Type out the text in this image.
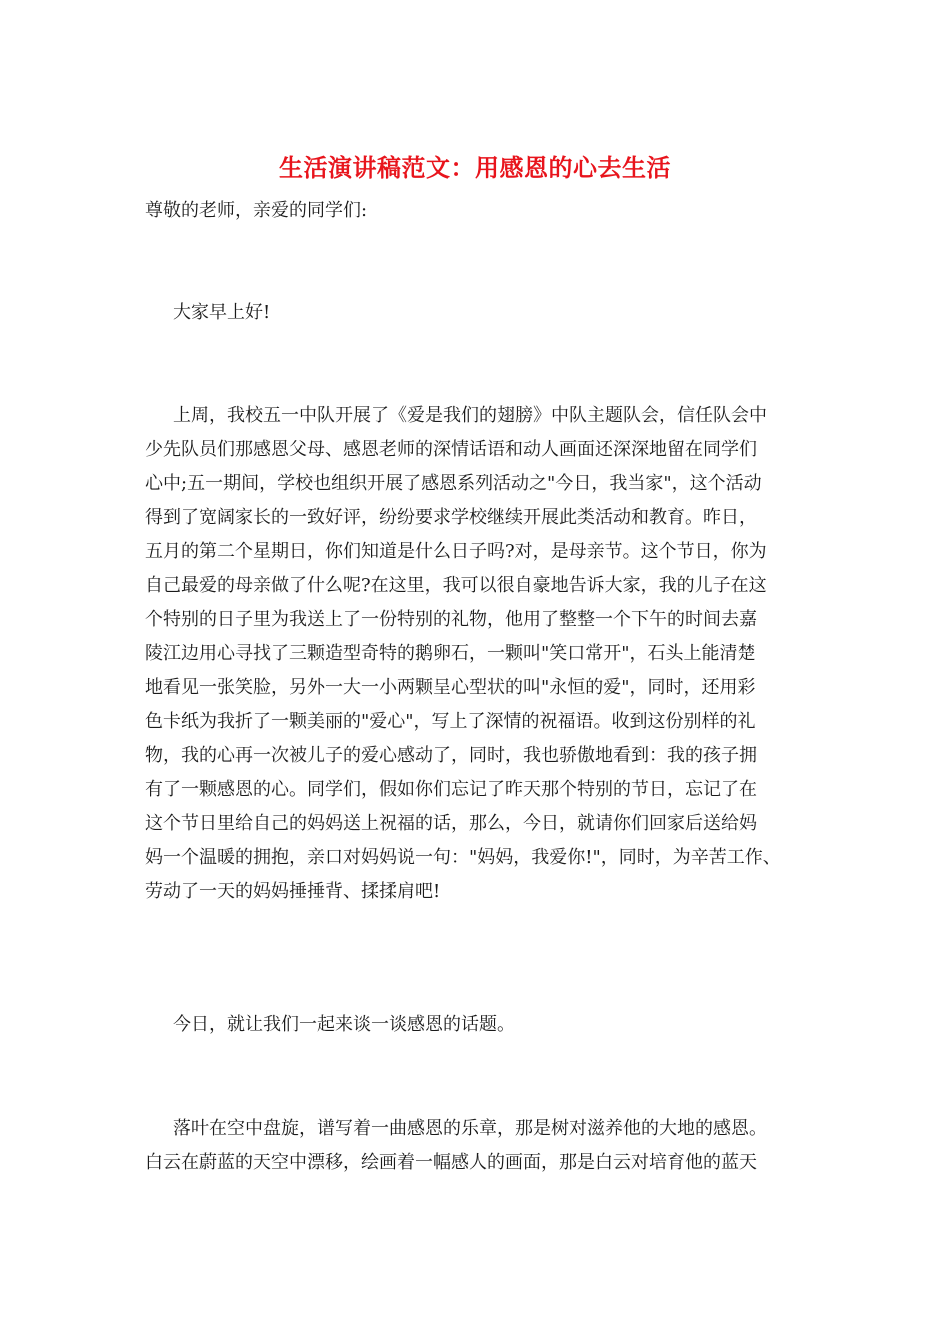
生活演讲稿范文：用感恩的心去生活
尊敬的老师，亲爱的同学们:
大家早上好!
上周，我校五一中队开展了《爱是我们的翅膀》中队主题队会，信任队会中
少先队员们那感恩父母、感恩老师的深情话语和动人画面还深深地留在同学们
心中;五一期间，学校也组织开展了感恩系列活动之"今日，我当家"，这个活动
得到了宽阔家长的一致好评，纷纷要求学校继续开展此类活动和教育。昨日，
五月的第二个星期日，你们知道是什么日子吗?对，是母亲节。这个节日，你为
自己最爱的母亲做了什么呢?在这里，我可以很自豪地告诉大家，我的儿子在这
个特别的日子里为我送上了一份特别的礼物，他用了整整一个下午的时间去嘉
陵江边用心寻找了三颗造型奇特的鹅卵石，一颗叫"笑口常开"，石头上能清楚
地看见一张笑脸，另外一大一小两颗呈心型状的叫"永恒的爱"，同时，还用彩
色卡纸为我折了一颗美丽的"爱心"，写上了深情的祝福语。收到这份别样的礼
物，我的心再一次被儿子的爱心感动了，同时，我也骄傲地看到：我的孩子拥
有了一颗感恩的心。同学们，假如你们忘记了昨天那个特别的节日，忘记了在
这个节日里给自己的妈妈送上祝福的话，那么，今日，就请你们回家后送给妈
妈一个温暖的拥抱，亲口对妈妈说一句："妈妈，我爱你!"，同时，为辛苦工作、
劳动了一天的妈妈捶捶背、揉揉肩吧!
今日，就让我们一起来谈一谈感恩的话题。
落叶在空中盘旋，谱写着一曲感恩的乐章，那是树对滋养他的大地的感恩。
白云在蔚蓝的天空中漂移，绘画着一幅感人的画面，那是白云对培育他的蓝天
